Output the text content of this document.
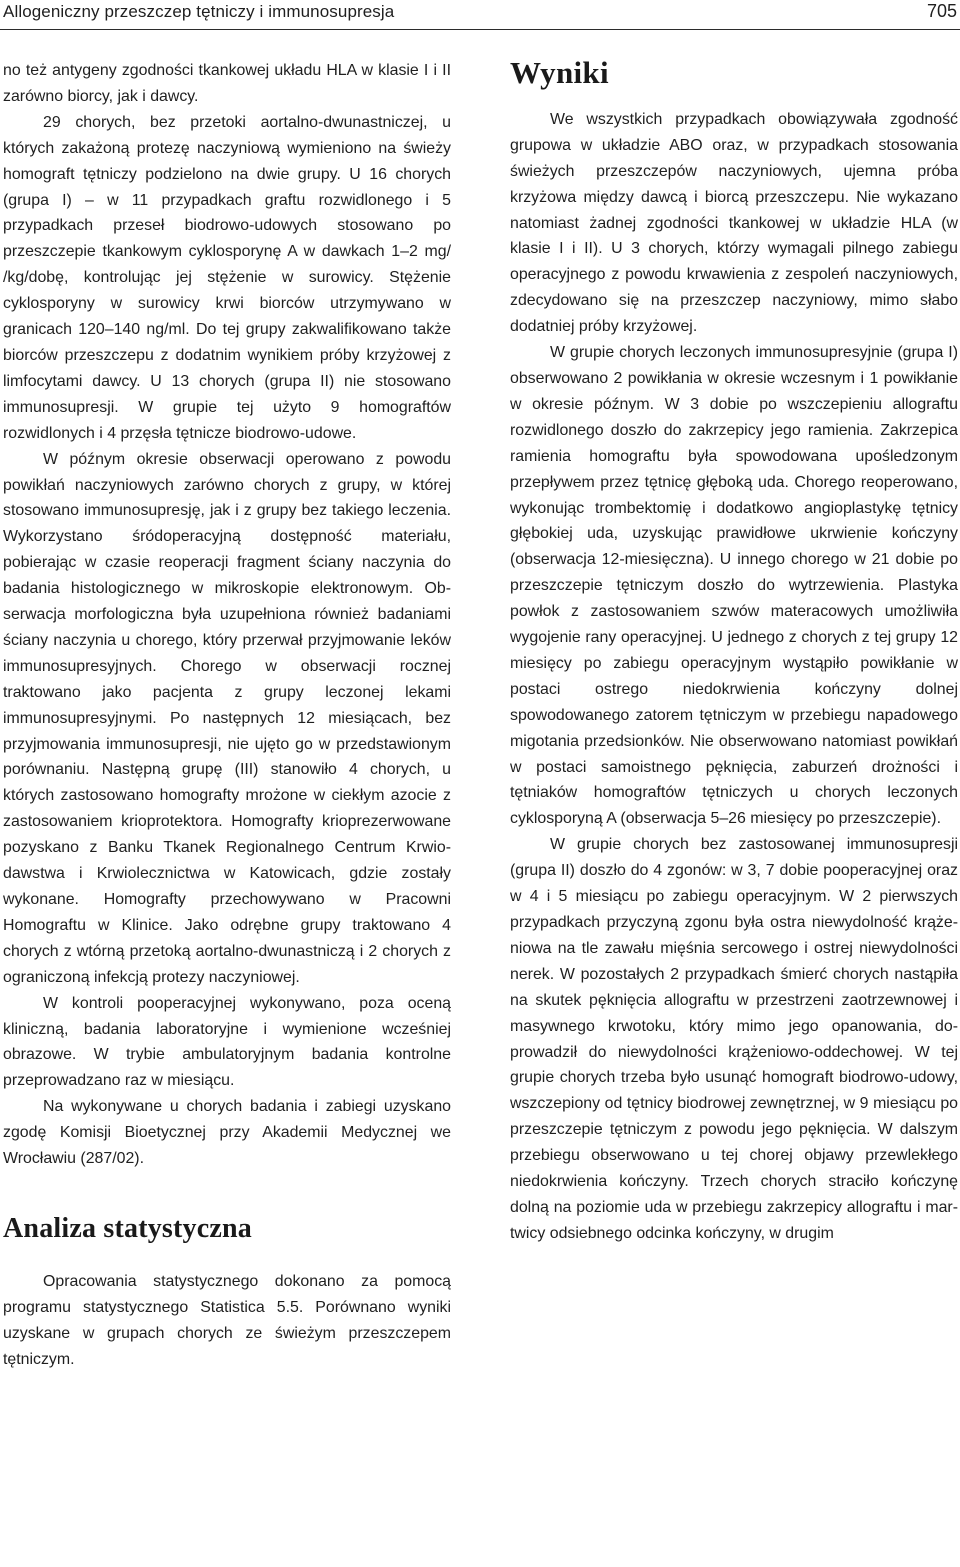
Allogeniczny przeszczep tętniczy i immunosupresja	705

no też antygeny zgodności tkankowej układu HLA w klasie I i II zarówno biorcy, jak i dawcy.

29 chorych, bez przetoki aortalno-dwunastniczej, u których zakażoną protezę naczyniową wymieniono na świeży homograft tętniczy podzielono na dwie grupy. U 16 chorych (grupa I) – w 11 przypadkach graftu rozwidlonego i 5 przypadkach przeseł biodrowo-udowych stosowano po przeszczepie tkankowym cyklosporynę A w dawkach 1–2 mg/ /kg/dobę, kontrolując jej stężenie w surowicy. Stężenie cyklosporyny w surowicy krwi biorców utrzymywano w granicach 120–140 ng/ml. Do tej grupy zakwalifikowano także biorców przeszczepu z dodatnim wynikiem próby krzyżowej z limfocytami dawcy. U 13 chorych (grupa II) nie stosowano immunosupresji. W grupie tej użyto 9 homograftów rozwidlonych i 4 przęsła tętnicze biodrowo-udowe.

W późnym okresie obserwacji operowano z powodu powikłań naczyniowych zarówno chorych z grupy, w której stosowano immunosupresję, jak i z grupy bez takiego leczenia. Wykorzystano śródoperacyjną dostępność materiału, pobierając w czasie reoperacji fragment ściany naczynia do badania histologicznego w mikroskopie elektronowym. Obserwacja morfologiczna była uzupełniona również badaniami ściany naczynia u chorego, który przerwał przyjmowanie leków immunosupresyjnych. Chorego w obserwacji rocznej traktowano jako pacjenta z grupy leczonej lekami immunosupresyjnymi. Po następnych 12 miesiącach, bez przyjmowania immunosupresji, nie ujęto go w przedstawionym porównaniu. Następną grupę (III) stanowiło 4 chorych, u których zastosowano homografty mrożone w ciekłym azocie z zastosowaniem krioprotektora. Homografty krioprezerwowane pozyskano z Banku Tkanek Regionalnego Centrum Krwiodawstwa i Krwiolecznictwa w Katowicach, gdzie zostały wykonane. Homografty przechowywano w Pracowni Homograftu w Klinice. Jako odrębne grupy traktowano 4 chorych z wtórną przetoką aortalno-dwunastniczą i 2 chorych z ograniczoną infekcją protezy naczyniowej.

W kontroli pooperacyjnej wykonywano, poza oceną kliniczną, badania laboratoryjne i wymienione wcześniej obrazowe. W trybie ambulatoryjnym badania kontrolne przeprowadzano raz w miesiącu.

Na wykonywane u chorych badania i zabiegi uzyskano zgodę Komisji Bioetycznej przy Akademii Medycznej we Wrocławiu (287/02).

Analiza statystyczna

Opracowania statystycznego dokonano za pomocą programu statystycznego Statistica 5.5. Porównano wyniki uzyskane w grupach chorych ze świeżym przeszczepem tętniczym.

Wyniki

We wszystkich przypadkach obowiązywała zgodność grupowa w układzie ABO oraz, w przypadkach stosowania świeżych przeszczepów naczyniowych, ujemna próba krzyżowa między dawcą i biorcą przeszczepu. Nie wykazano natomiast żadnej zgodności tkankowej w układzie HLA (w klasie I i II). U 3 chorych, którzy wymagali pilnego zabiegu operacyjnego z powodu krwawienia z zespoleń naczyniowych, zdecydowano się na przeszczep naczyniowy, mimo słabo dodatniej próby krzyżowej.

W grupie chorych leczonych immunosupresyjnie (grupa I) obserwowano 2 powikłania w okresie wczesnym i 1 powikłanie w okresie późnym. W 3 dobie po wszczepieniu allograftu rozwidlonego doszło do zakrzepicy jego ramienia. Zakrzepica ramienia homograftu była spowodowana upośledzonym przepływem przez tętnicę głęboką uda. Chorego reoperowano, wykonując trombektomię i dodatkowo angioplastykę tętnicy głębokiej uda, uzyskując prawidłowe ukrwienie kończyny (obserwacja 12-miesięczna). U innego chorego w 21 dobie po przeszczepie tętniczym doszło do wytrzewienia. Plastyka powłok z zastosowaniem szwów materacowych umożliwiła wygojenie rany operacyjnej. U jednego z chorych z tej grupy 12 miesięcy po zabiegu operacyjnym wystąpiło powikłanie w postaci ostrego niedokrwienia kończyny dolnej spowodowanego zatorem tętniczym w przebiegu napadowego migotania przedsionków. Nie obserwowano natomiast powikłań w postaci samoistnego pęknięcia, zaburzeń drożności i tętniaków homograftów tętniczych u chorych leczonych cyklosporyną A (obserwacja 5–26 miesięcy po przeszczepie).

W grupie chorych bez zastosowanej immunosupresji (grupa II) doszło do 4 zgonów: w 3, 7 dobie pooperacyjnej oraz w 4 i 5 miesiącu po zabiegu operacyjnym. W 2 pierwszych przypadkach przyczyną zgonu była ostra niewydolność krążeniowa na tle zawału mięśnia sercowego i ostrej niewydolności nerek. W pozostałych 2 przypadkach śmierć chorych nastąpiła na skutek pęknięcia allograftu w przestrzeni zaotrzewnowej i masywnego krwotoku, który mimo jego opanowania, doprowadził do niewydolności krążeniowo-oddechowej. W tej grupie chorych trzeba było usunąć homograft biodrowo-udowy, wszczepiony od tętnicy biodrowej zewnętrznej, w 9 miesiącu po przeszczepie tętniczym z powodu jego pęknięcia. W dalszym przebiegu obserwowano u tej chorej objawy przewlekłego niedokrwienia kończyny. Trzech chorych straciło kończynę dolną na poziomie uda w przebiegu zakrzepicy allograftu i martwicy odsiebnego odcinka kończyny, w drugim
